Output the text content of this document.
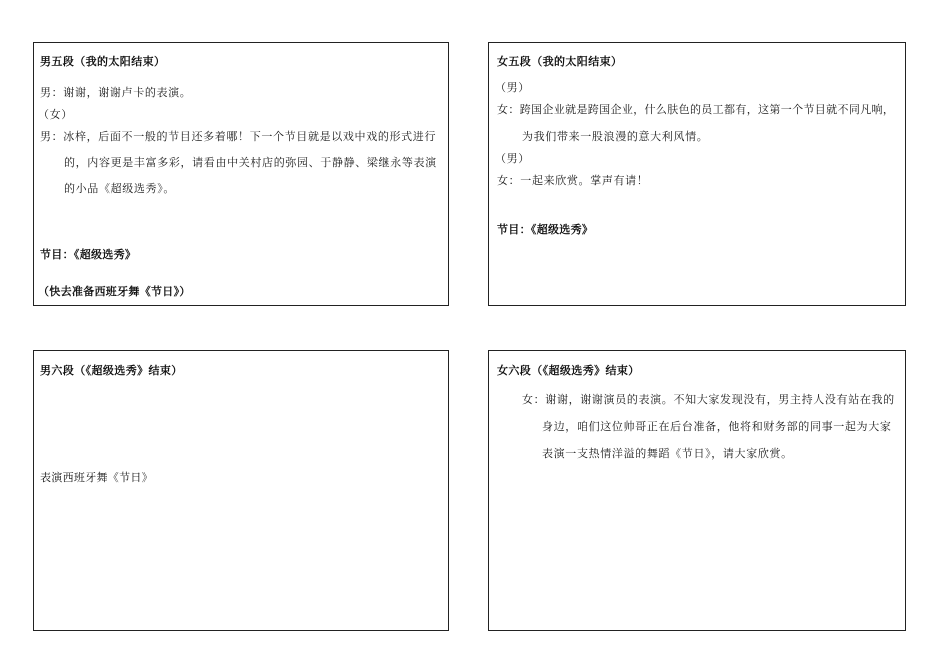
男五段（我的太阳结束）
男：谢谢，谢谢卢卡的表演。
（女）
男：冰梓，后面不一般的节目还多着哪！下一个节目就是以戏中戏的形式进行
的，内容更是丰富多彩，请看由中关村店的弥园、于静静、梁继永等表演
的小品《超级选秀》。
节目：《超级选秀》
（快去准备西班牙舞《节日》）
女五段（我的太阳结束）
（男）
女：跨国企业就是跨国企业，什么肤色的员工都有，这第一个节目就不同凡响，
为我们带来一股浪漫的意大利风情。
（男）
女：一起来欣赏。掌声有请！
节目：《超级选秀》
男六段（《超级选秀》结束）
表演西班牙舞《节日》
女六段（《超级选秀》结束）
女：谢谢，谢谢演员的表演。不知大家发现没有，男主持人没有站在我的
身边，咱们这位帅哥正在后台准备，他将和财务部的同事一起为大家
表演一支热情洋溢的舞蹈《节日》，请大家欣赏。
